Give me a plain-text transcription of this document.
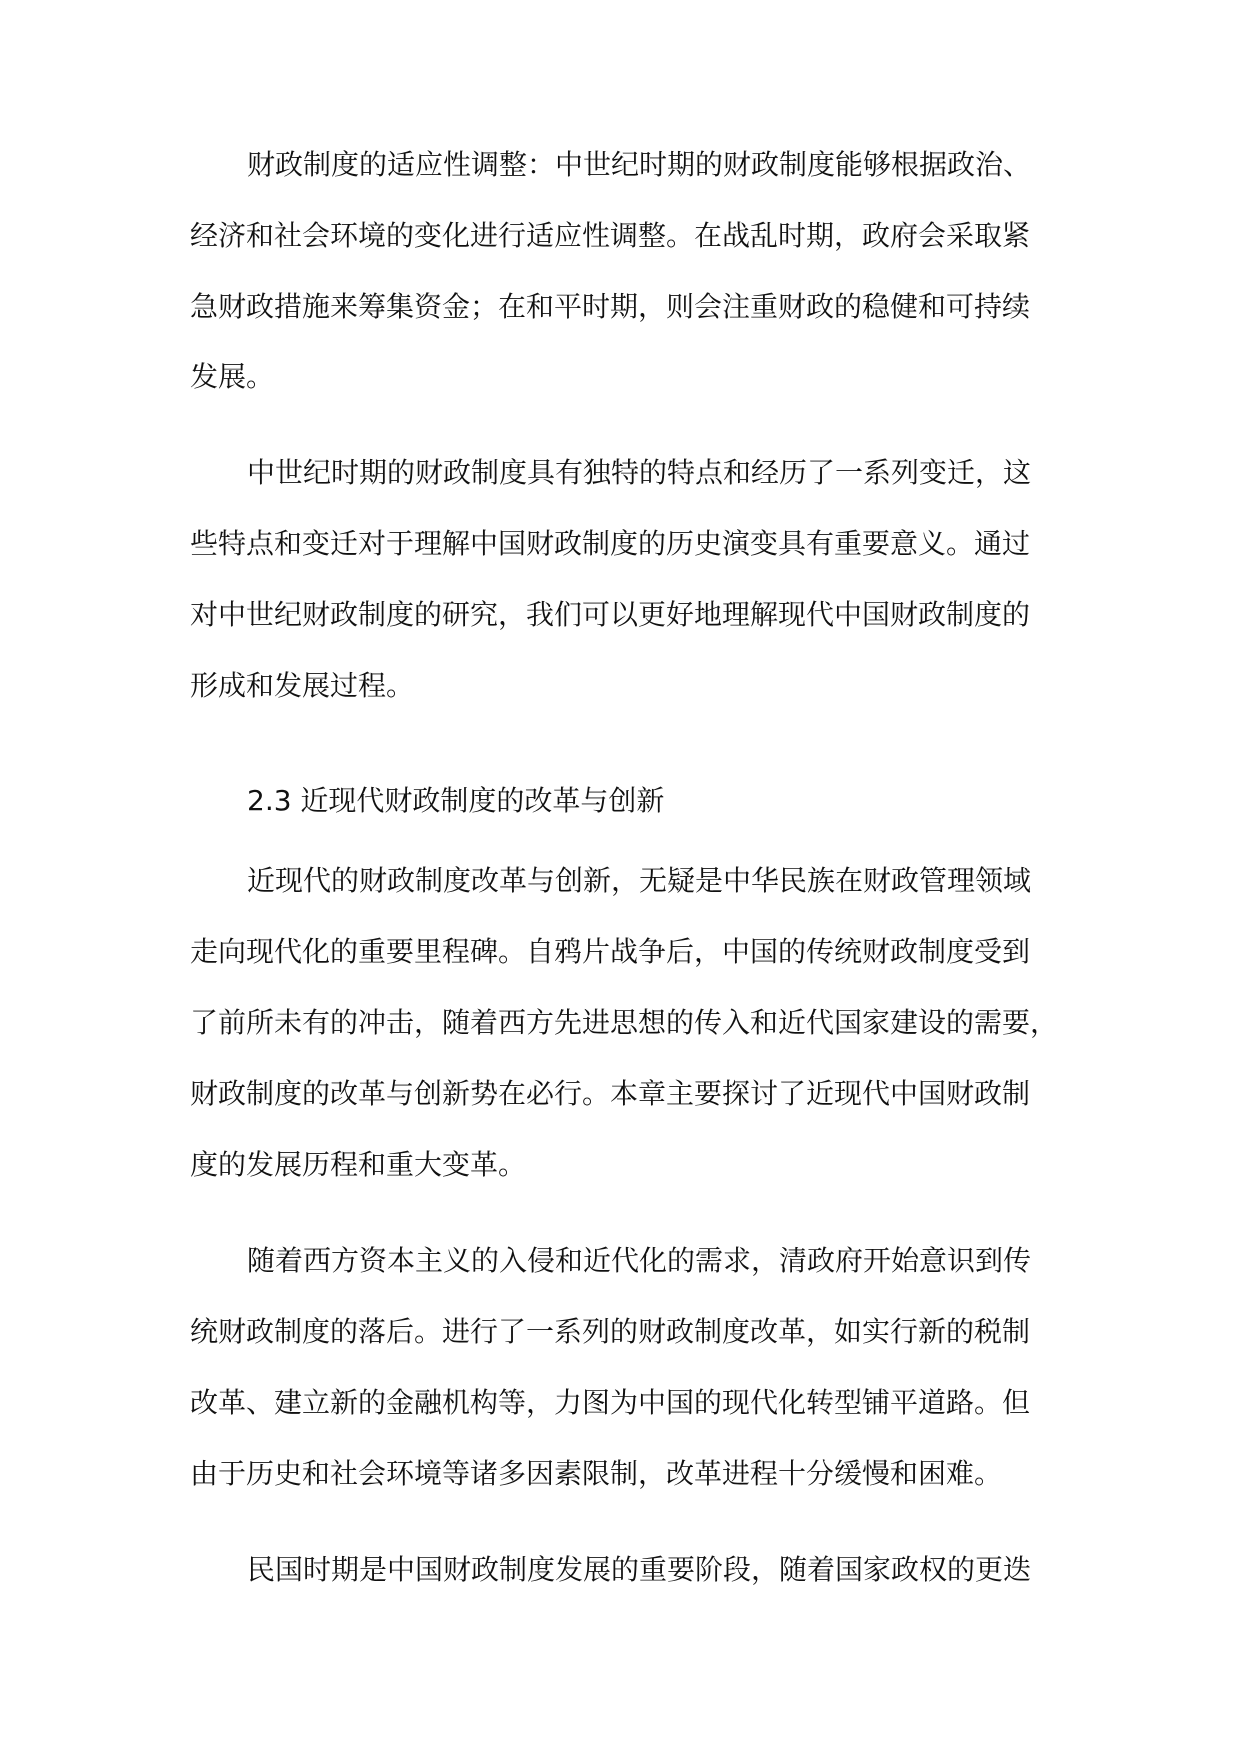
财政制度的适应性调整：中世纪时期的财政制度能够根据政治、
经济和社会环境的变化进行适应性调整。在战乱时期，政府会采取紧
急财政措施来筹集资金；在和平时期，则会注重财政的稳健和可持续
发展。
中世纪时期的财政制度具有独特的特点和经历了一系列变迁，这
些特点和变迁对于理解中国财政制度的历史演变具有重要意义。通过
对中世纪财政制度的研究，我们可以更好地理解现代中国财政制度的
形成和发展过程。
2.3 近现代财政制度的改革与创新
近现代的财政制度改革与创新，无疑是中华民族在财政管理领域
走向现代化的重要里程碑。自鸦片战争后，中国的传统财政制度受到
了前所未有的冲击，随着西方先进思想的传入和近代国家建设的需要，
财政制度的改革与创新势在必行。本章主要探讨了近现代中国财政制
度的发展历程和重大变革。
随着西方资本主义的入侵和近代化的需求，清政府开始意识到传
统财政制度的落后。进行了一系列的财政制度改革，如实行新的税制
改革、建立新的金融机构等，力图为中国的现代化转型铺平道路。但
由于历史和社会环境等诸多因素限制，改革进程十分缓慢和困难。
民国时期是中国财政制度发展的重要阶段，随着国家政权的更迭
